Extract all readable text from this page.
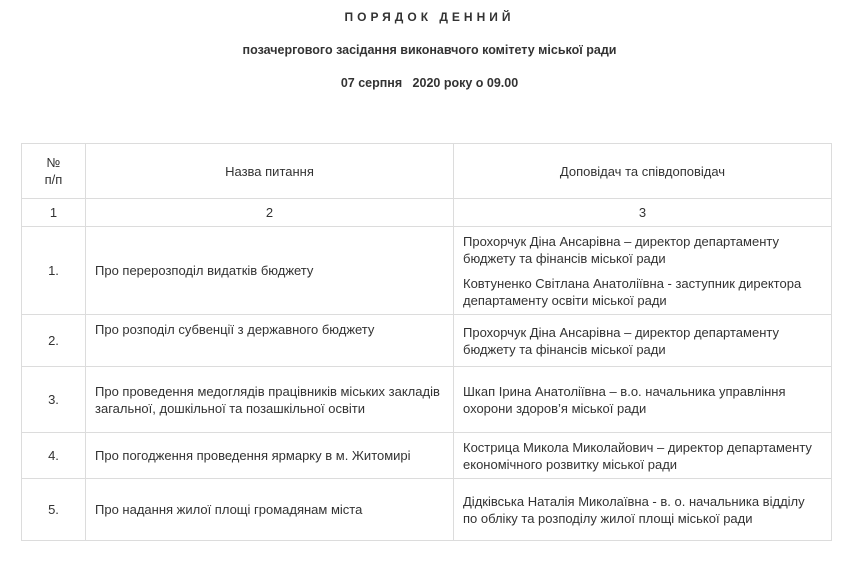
ПОРЯДОК ДЕННИЙ
позачергового засідання виконавчого комітету міської ради
07 серпня   2020 року о 09.00
№
п/п	Назва питання	Доповідач та співдоповідач
1	2	3
1.	Про перерозподіл видатків бюджету	Прохорчук Діна Ансарівна – директор департаменту бюджету та фінансів міської ради

Ковтуненко Світлана Анатоліївна - заступник директора департаменту освіти міської ради

2.	Про розподіл субвенції з державного бюджету	Прохорчук Діна Ансарівна – директор департаменту бюджету та фінансів міської ради

3.	Про проведення медоглядів працівників міських закладів загальної, дошкільної та позашкільної освіти	Шкап Ірина Анатоліївна – в.о. начальника управління охорони здоров’я міської ради

4.	Про погодження проведення ярмарку в м. Житомирі	Кострица Микола Миколайович – директор департаменту економічного розвитку міської ради

5.	Про надання жилої площі громадянам міста	Дідківська Наталія Миколаївна - в. о. начальника відділу по обліку та розподілу жилої площі міської ради
